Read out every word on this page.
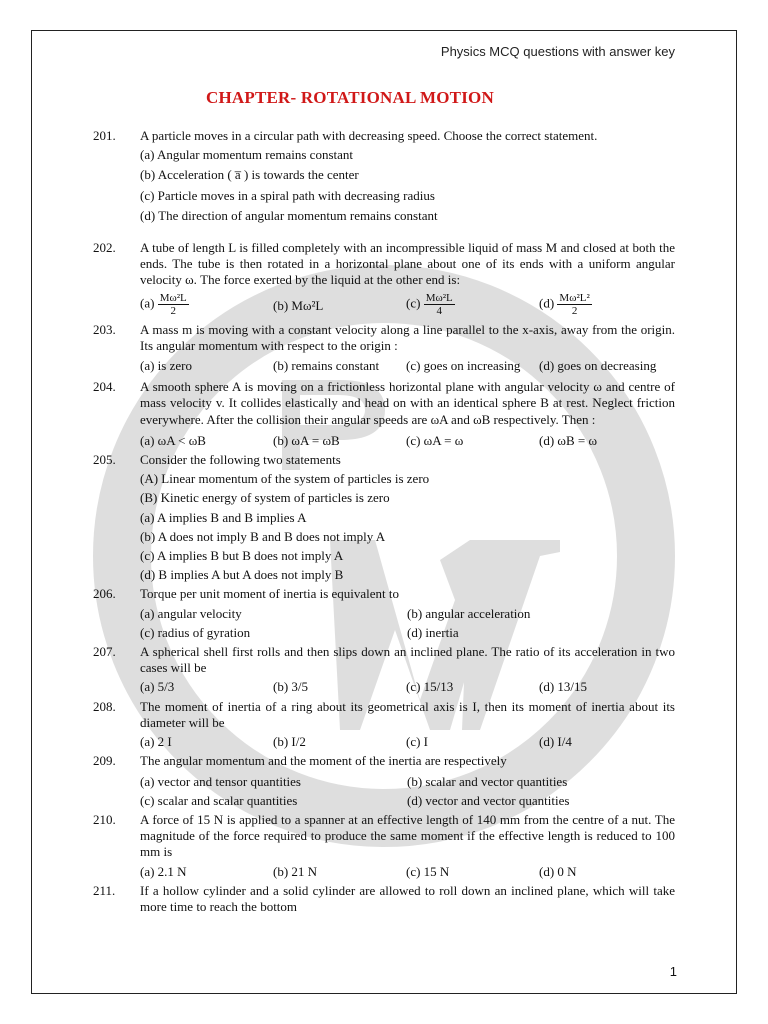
Physics MCQ questions with answer key
CHAPTER- ROTATIONAL MOTION
201.	A particle moves in a circular path with decreasing speed. Choose the correct statement.
(a) Angular momentum remains constant
(b) Acceleration ( a̅ ) is towards the center
(c) Particle moves in a spiral path with decreasing radius
(d) The direction of angular momentum remains constant
202.	A tube of length L is filled completely with an incompressible liquid of mass M and closed at both the ends. The tube is then rotated in a horizontal plane about one of its ends with a uniform angular velocity ω. The force exerted by the liquid at the other end is:
$(a) \frac{\text{Mω²L}}{2}$	(b) Mω²L	$(c) \frac{\text{Mω²L}}{4}$	$(d) \frac{\text{Mω²L²}}{2}$
203.	A mass m is moving with a constant velocity along a line parallel to the x-axis, away from the origin. Its angular momentum with respect to the origin :
(a) is zero	(b) remains constant	(c) goes on increasing	(d) goes on decreasing
204.	A smooth sphere A is moving on a frictionless horizontal plane with angular velocity ω and centre of mass velocity v. It collides elastically and head on with an identical sphere B at rest. Neglect friction everywhere. After the collision their angular speeds are ωA and ωB respectively. Then :
(a) ωA < ωB	(b) ωA = ωB	(c) ωA = ω	(d) ωB = ω
205.	Consider the following two statements
(A) Linear momentum of the system of particles is zero
(B) Kinetic energy of system of particles is zero
(a) A implies B and B implies A
(b) A does not imply B and B does not imply A
(c) A implies B but B does not imply A
(d) B implies A but A does not imply B
206.	Torque per unit moment of inertia is equivalent to
(a) angular velocity	(b) angular acceleration
(c) radius of gyration	(d) inertia
207.	A spherical shell first rolls and then slips down an inclined plane. The ratio of its acceleration in two cases will be
(a) 5/3	(b) 3/5	(c) 15/13	(d) 13/15
208.	The moment of inertia of a ring about its geometrical axis is I, then its moment of inertia about its diameter will be
(a) 2 I	(b) I/2	(c) I	(d) I/4
209.	The angular momentum and the moment of the inertia are respectively
(a) vector and tensor quantities	(b) scalar and vector quantities
(c) scalar and scalar quantities	(d) vector and vector quantities
210.	A force of 15 N is applied to a spanner at an effective length of 140 mm from the centre of a nut. The magnitude of the force required to produce the same moment if the effective length is reduced to 100 mm is
(a) 2.1 N	(b) 21 N	(c) 15 N	(d) 0 N
211.	If a hollow cylinder and a solid cylinder are allowed to roll down an inclined plane, which will take more time to reach the bottom
1
